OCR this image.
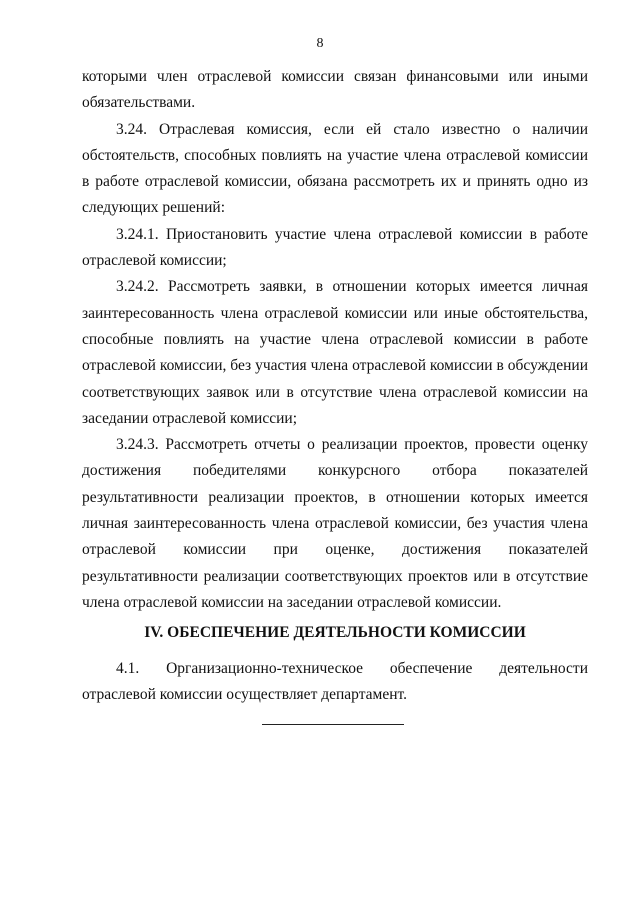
8

которыми член отраслевой комиссии связан финансовыми или иными обязательствами.

3.24. Отраслевая комиссия, если ей стало известно о наличии обстоятельств, способных повлиять на участие члена отраслевой комиссии в работе отраслевой комиссии, обязана рассмотреть их и принять одно из следующих решений:

3.24.1. Приостановить участие члена отраслевой комиссии в работе отраслевой комиссии;

3.24.2. Рассмотреть заявки, в отношении которых имеется личная заинтересованность члена отраслевой комиссии или иные обстоятельства, способные повлиять на участие члена отраслевой комиссии в работе отраслевой комиссии, без участия члена отраслевой комиссии в обсуждении соответствующих заявок или в отсутствие члена отраслевой комиссии на заседании отраслевой комиссии;

3.24.3. Рассмотреть отчеты о реализации проектов, провести оценку достижения победителями конкурсного отбора показателей результативности реализации проектов, в отношении которых имеется личная заинтересованность члена отраслевой комиссии, без участия члена отраслевой комиссии при оценке, достижения показателей результативности реализации соответствующих проектов или в отсутствие члена отраслевой комиссии на заседании отраслевой комиссии.

IV. ОБЕСПЕЧЕНИЕ ДЕЯТЕЛЬНОСТИ КОМИССИИ

4.1. Организационно-техническое обеспечение деятельности отраслевой комиссии осуществляет департамент.
